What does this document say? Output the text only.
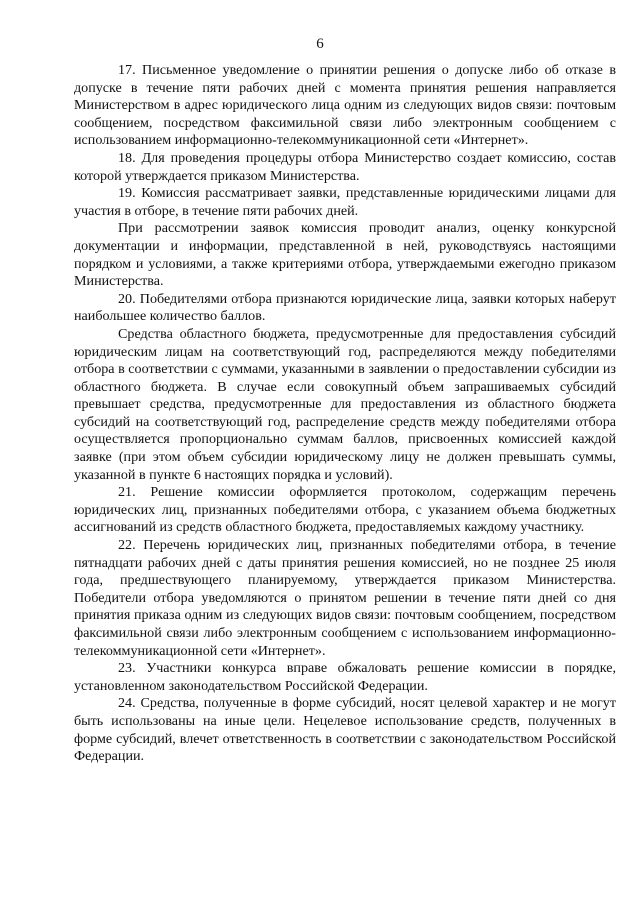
6

17. Письменное уведомление о принятии решения о допуске либо об отказе в допуске в течение пяти рабочих дней с момента принятия решения направляется Министерством в адрес юридического лица одним из следующих видов связи: почтовым сообщением, посредством факсимильной связи либо электронным сообщением с использованием информационно-телекоммуникационной сети «Интернет».

18. Для проведения процедуры отбора Министерство создает комиссию, состав которой утверждается приказом Министерства.

19. Комиссия рассматривает заявки, представленные юридическими лицами для участия в отборе, в течение пяти рабочих дней.

При рассмотрении заявок комиссия проводит анализ, оценку конкурсной документации и информации, представленной в ней, руководствуясь настоящими порядком и условиями, а также критериями отбора, утверждаемыми ежегодно приказом Министерства.

20. Победителями отбора признаются юридические лица, заявки которых наберут наибольшее количество баллов.

Средства областного бюджета, предусмотренные для предоставления субсидий юридическим лицам на соответствующий год, распределяются между победителями отбора в соответствии с суммами, указанными в заявлении о предоставлении субсидии из областного бюджета. В случае если совокупный объем запрашиваемых субсидий превышает средства, предусмотренные для предоставления из областного бюджета субсидий на соответствующий год, распределение средств между победителями отбора осуществляется пропорционально суммам баллов, присвоенных комиссией каждой заявке (при этом объем субсидии юридическому лицу не должен превышать суммы, указанной в пункте 6 настоящих порядка и условий).

21. Решение комиссии оформляется протоколом, содержащим перечень юридических лиц, признанных победителями отбора, с указанием объема бюджетных ассигнований из средств областного бюджета, предоставляемых каждому участнику.

22. Перечень юридических лиц, признанных победителями отбора, в течение пятнадцати рабочих дней с даты принятия решения комиссией, но не позднее 25 июля года, предшествующего планируемому, утверждается приказом Министерства. Победители отбора уведомляются о принятом решении в течение пяти дней со дня принятия приказа одним из следующих видов связи: почтовым сообщением, посредством факсимильной связи либо электронным сообщением с использованием информационно-телекоммуникационной сети «Интернет».

23. Участники конкурса вправе обжаловать решение комиссии в порядке, установленном законодательством Российской Федерации.

24. Средства, полученные в форме субсидий, носят целевой характер и не могут быть использованы на иные цели. Нецелевое использование средств, полученных в форме субсидий, влечет ответственность в соответствии с законодательством Российской Федерации.
